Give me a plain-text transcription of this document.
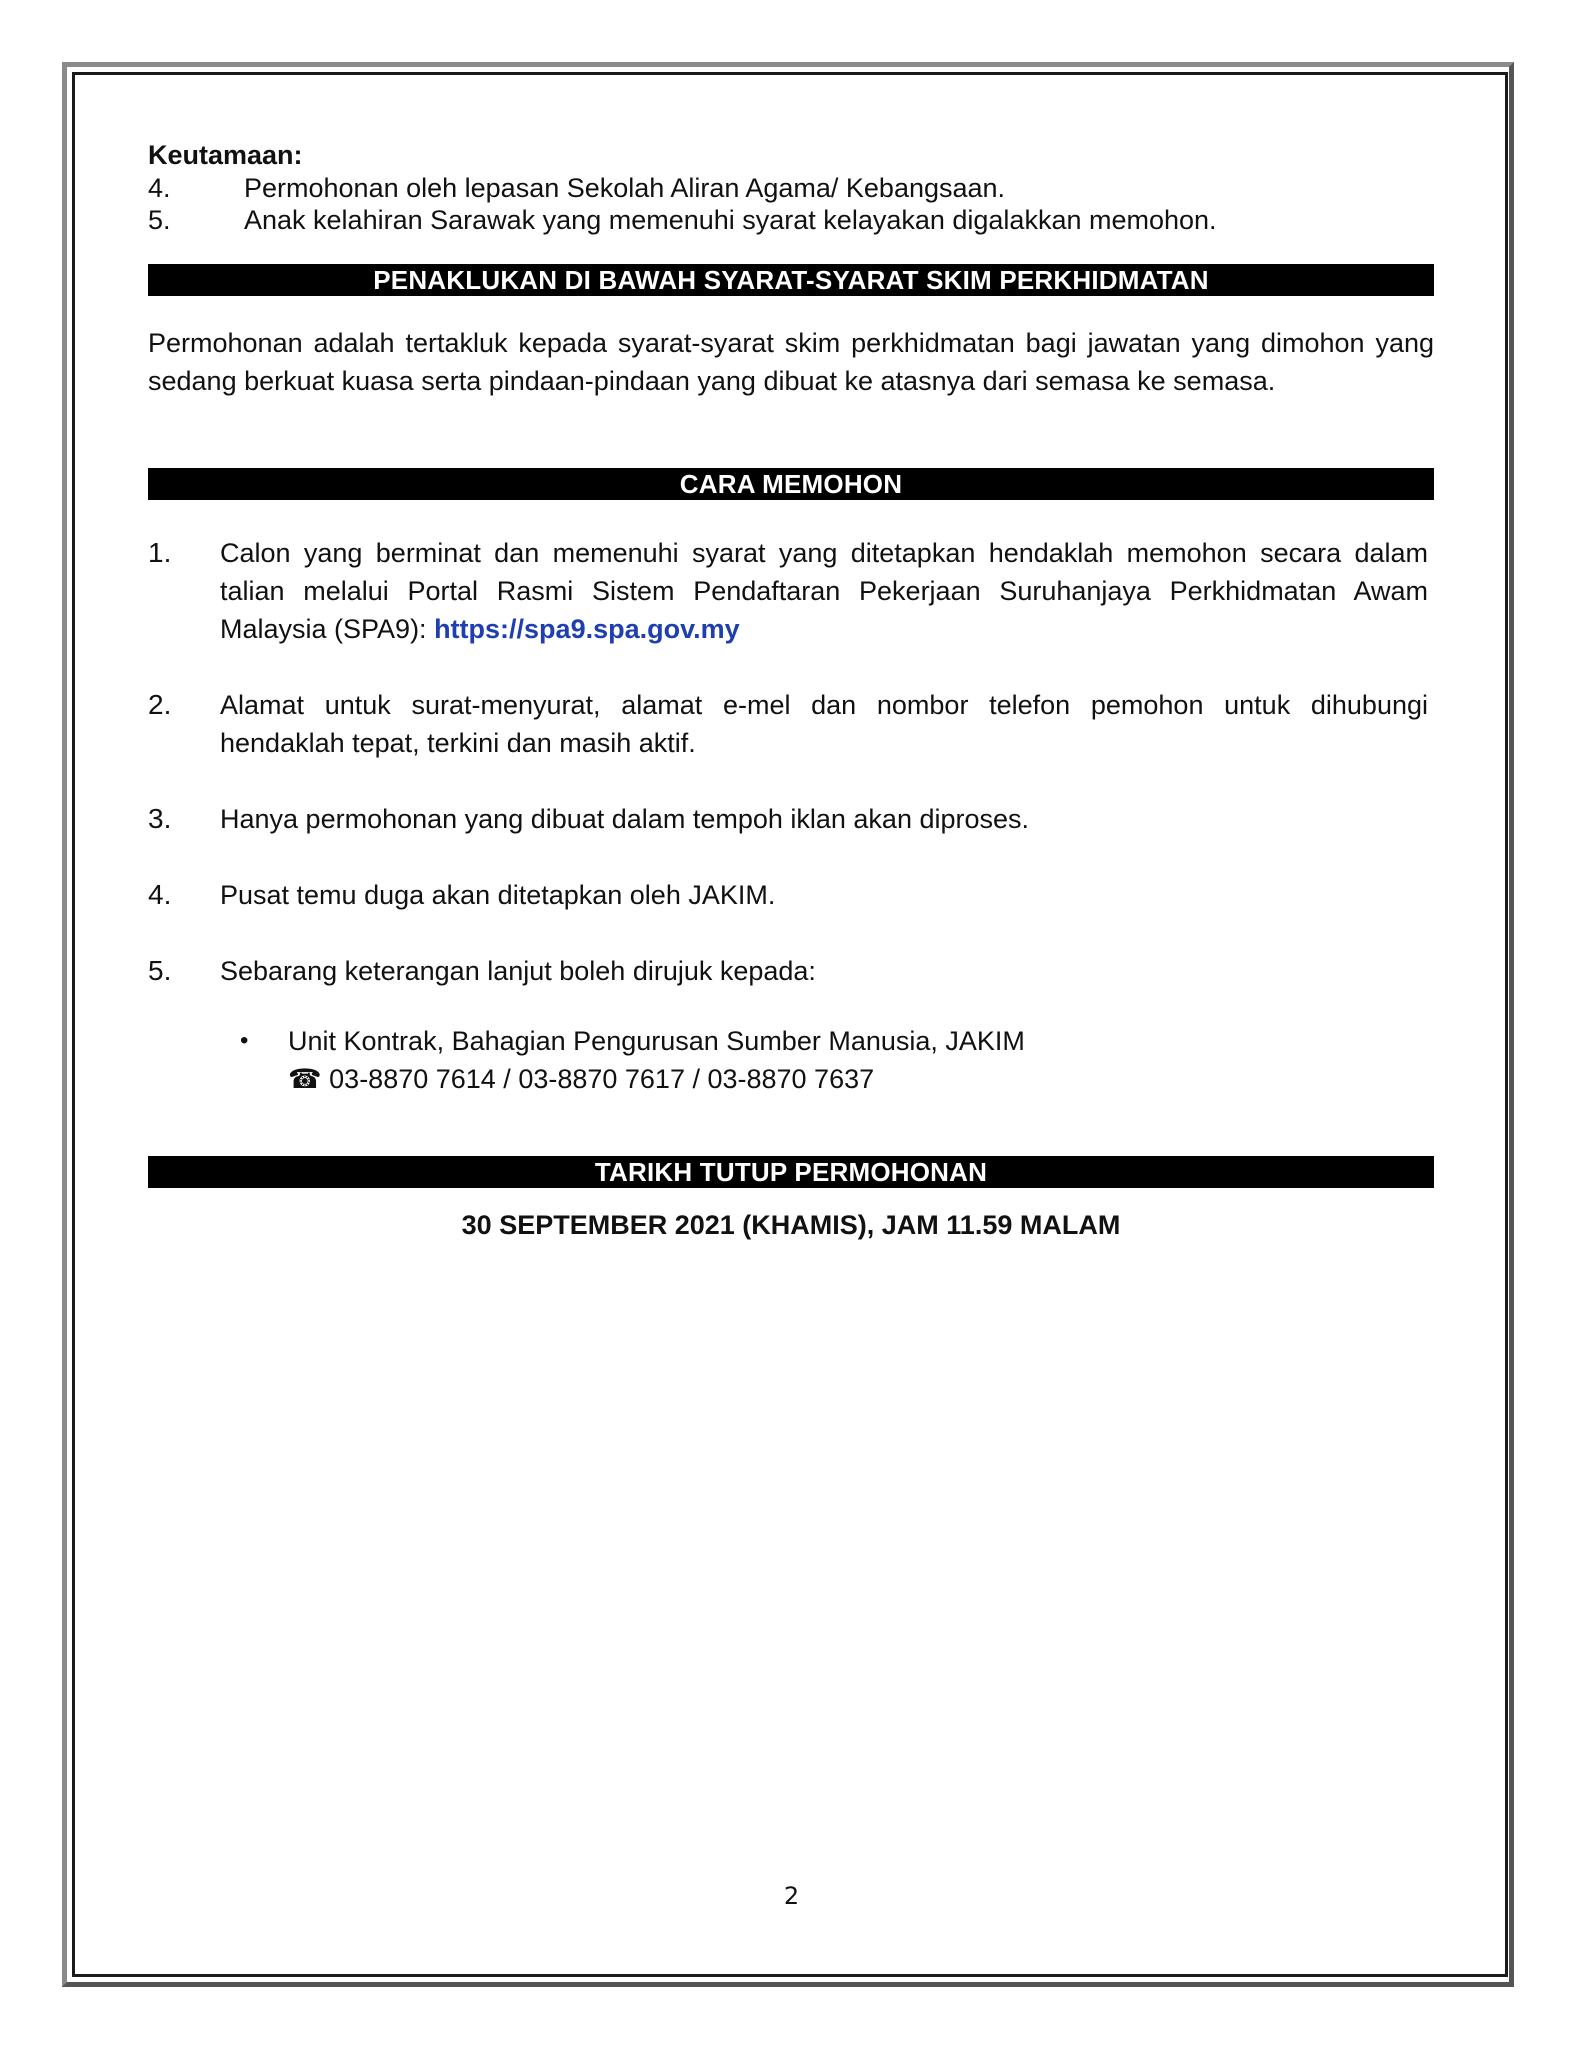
Keutamaan:

4.	Permohonan oleh lepasan Sekolah Aliran Agama/ Kebangsaan.
5.	Anak kelahiran Sarawak yang memenuhi syarat kelayakan digalakkan memohon.
PENAKLUKAN DI BAWAH SYARAT-SYARAT SKIM PERKHIDMATAN

Permohonan adalah tertakluk kepada syarat-syarat skim perkhidmatan bagi jawatan yang dimohon yang sedang berkuat kuasa serta pindaan-pindaan yang dibuat ke atasnya dari semasa ke semasa.

CARA MEMOHON
1.	Calon yang berminat dan memenuhi syarat yang ditetapkan hendaklah memohon secara dalam talian melalui Portal Rasmi Sistem Pendaftaran Pekerjaan Suruhanjaya Perkhidmatan Awam Malaysia (SPA9): https://spa9.spa.gov.my
2.	Alamat untuk surat-menyurat, alamat e-mel dan nombor telefon pemohon untuk dihubungi hendaklah tepat, terkini dan masih aktif.
3.	Hanya permohonan yang dibuat dalam tempoh iklan akan diproses.
4.	Pusat temu duga akan ditetapkan oleh JAKIM.
5.	Sebarang keterangan lanjut boleh dirujuk kepada:
•	Unit Kontrak, Bahagian Pengurusan Sumber Manusia, JAKIM
☎ 03-8870 7614 / 03-8870 7617 / 03-8870 7637
TARIKH TUTUP PERMOHONAN
30 SEPTEMBER 2021 (KHAMIS), JAM 11.59 MALAM
2
